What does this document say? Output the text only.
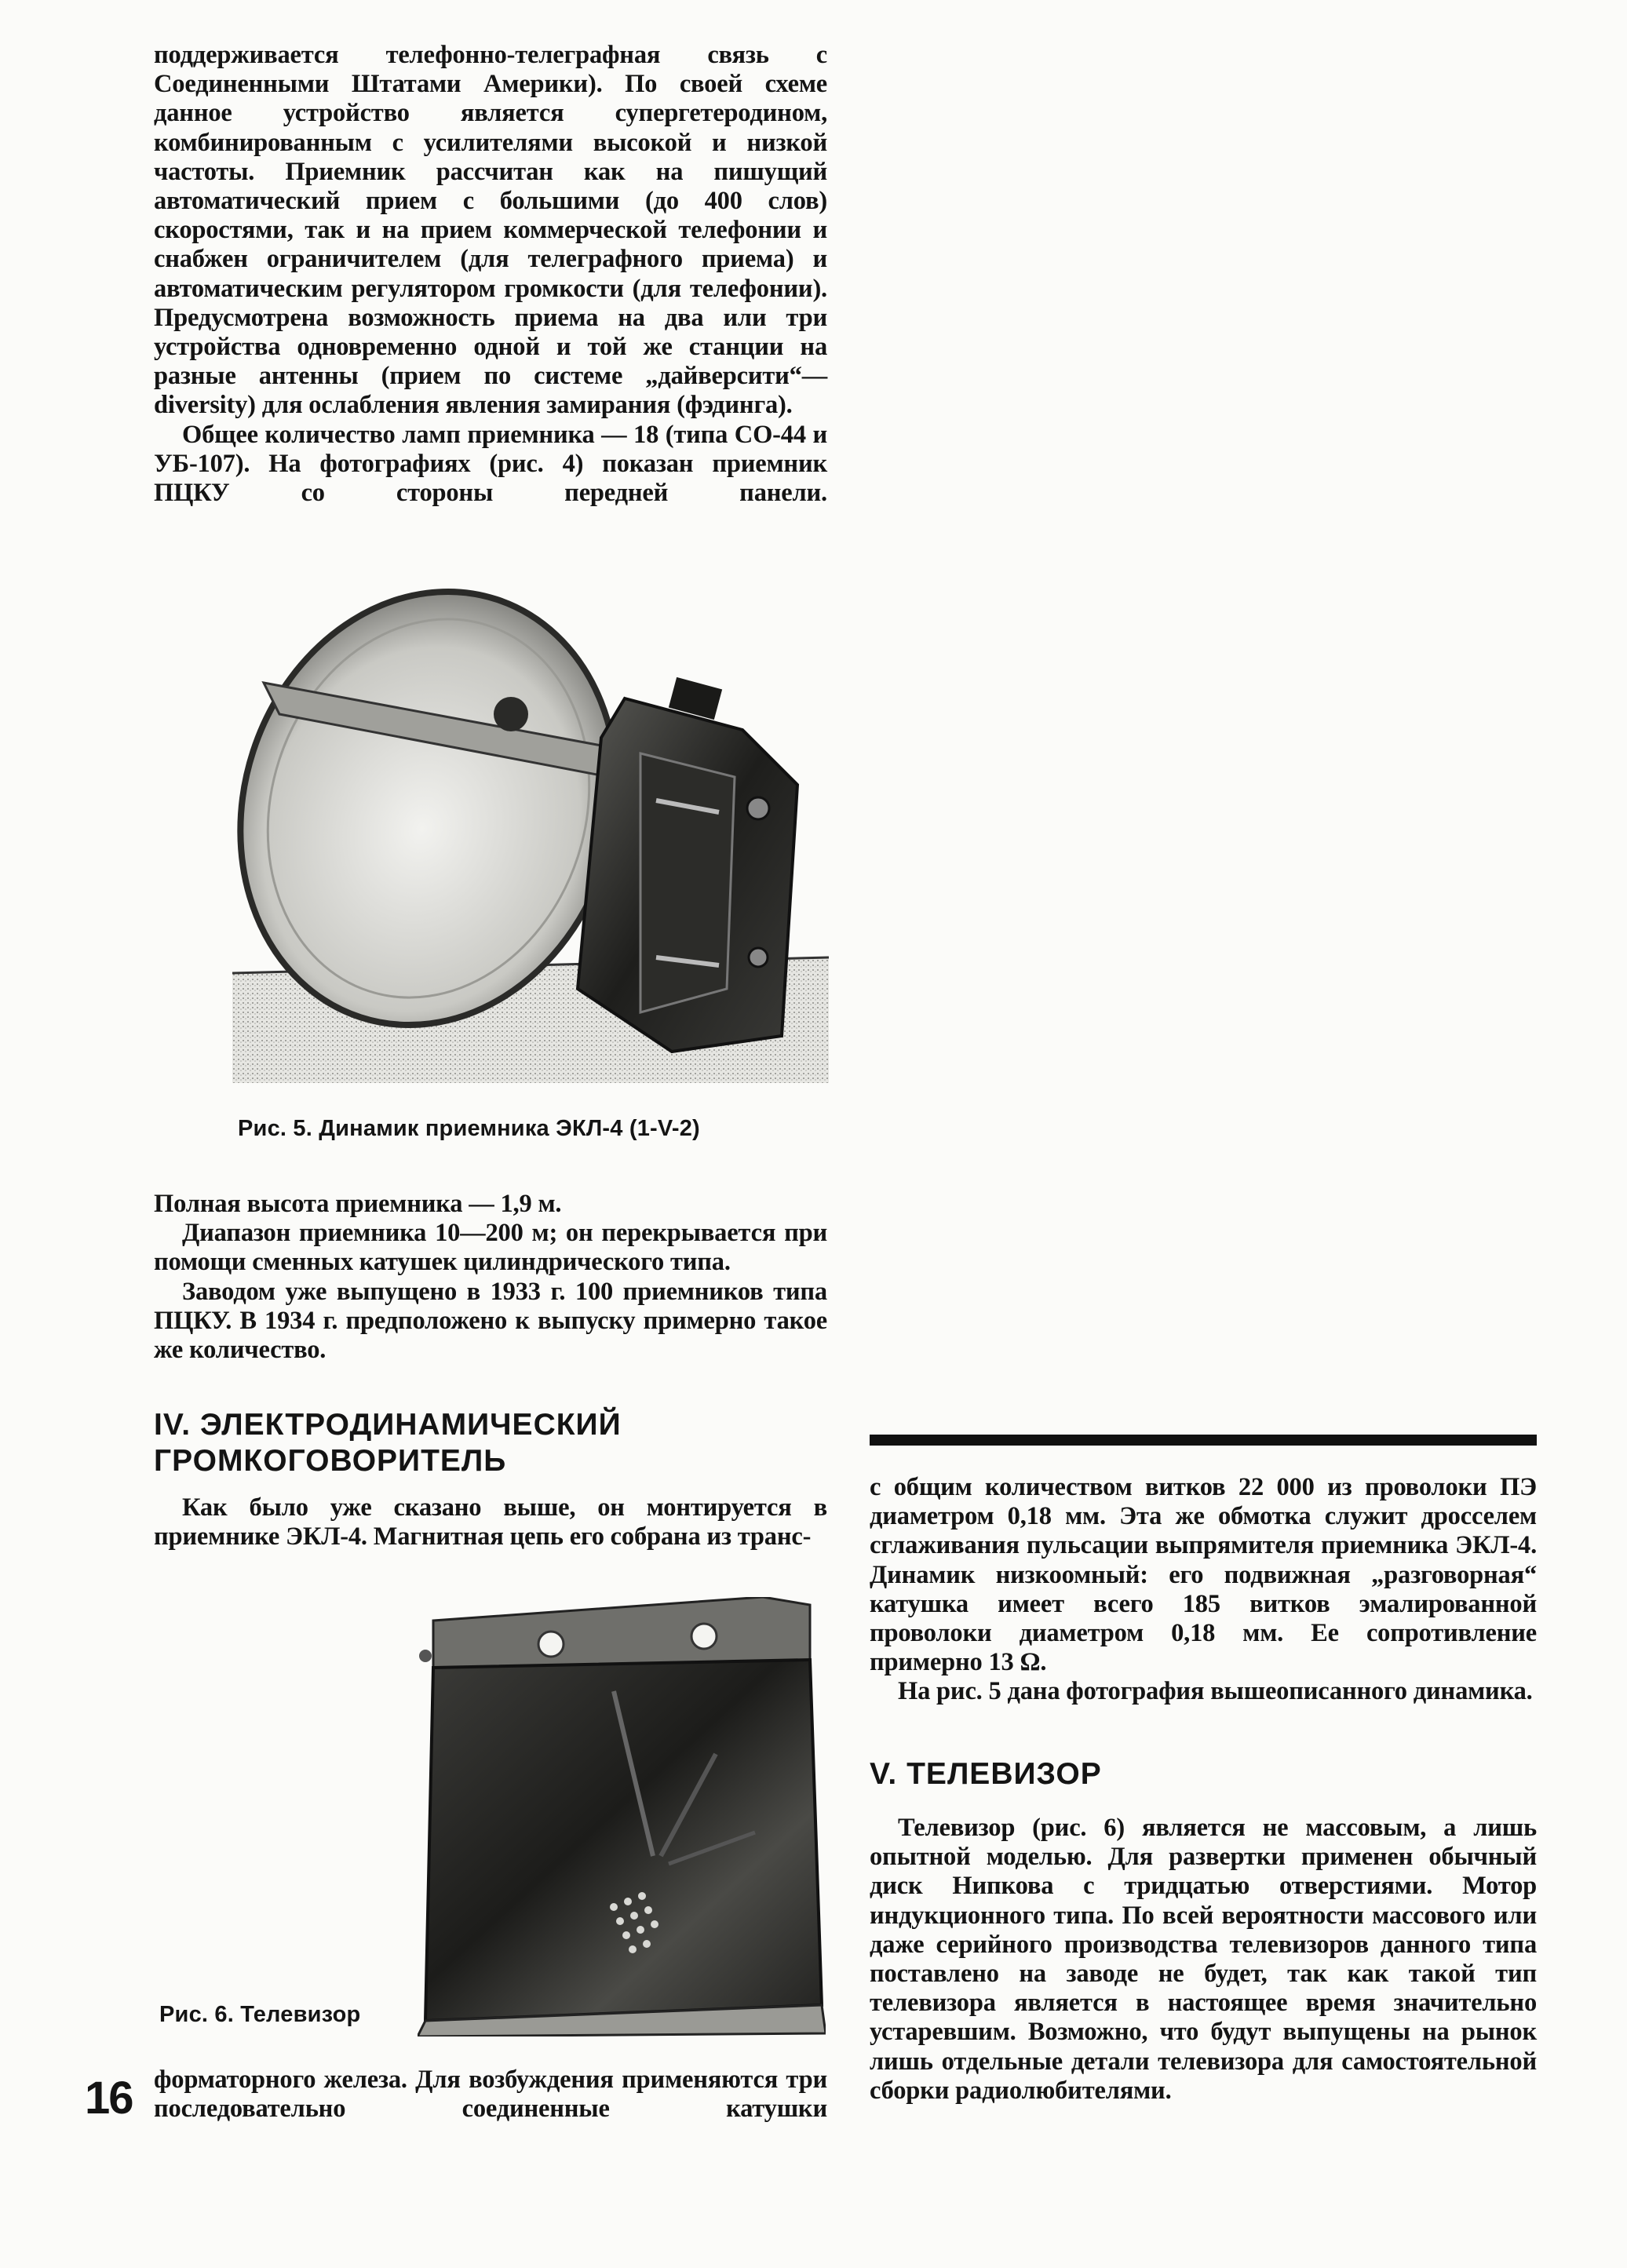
поддерживается телефонно-телеграфная связь с Соединенными Штатами Америки). По своей схеме данное устройство является супергетеродином, комбинированным с усилителями высокой и низкой частоты. Приемник рассчитан как на пишущий автоматический прием с большими (до 400 слов) скоростями, так и на прием коммерческой телефонии и снабжен ограничителем (для телеграфного приема) и автоматическим регулятором громкости (для телефонии). Предусмотрена возможность приема на два или три устройства одновременно одной и той же станции на разные антенны (прием по системе „дайверсити“— diversity) для ослабления явления замирания (фэдинга).

Общее количество ламп приемника — 18 (типа СО-44 и УБ-107). На фотографиях (рис. 4) показан приемник ПЦКУ со стороны передней панели.

Рис. 5. Динамик приемника ЭКЛ-4 (1-V-2)

Полная высота приемника — 1,9 м.

Диапазон приемника 10—200 м; он перекрывается при помощи сменных катушек цилиндрического типа.

Заводом уже выпущено в 1933 г. 100 приемников типа ПЦКУ. В 1934 г. предположено к выпуску примерно такое же количество.

IV. ЭЛЕКТРОДИНАМИЧЕСКИЙ
ГРОМКОГОВОРИТЕЛЬ

Как было уже сказано выше, он монтируется в приемнике ЭКЛ-4. Магнитная цепь его собрана из транс-

Рис. 6. Телевизор

форматорного железа. Для возбуждения применяются три последовательно соединенные катушки

16

с общим количеством витков 22 000 из проволоки ПЭ диаметром 0,18 мм. Эта же обмотка служит дросселем сглаживания пульсации выпрямителя приемника ЭКЛ-4. Динамик низкоомный: его подвижная „разговорная“ катушка имеет всего 185 витков эмалированной проволоки диаметром 0,18 мм. Ее сопротивление примерно 13 Ω.

На рис. 5 дана фотография вышеописанного динамика.

V. ТЕЛЕВИЗОР

Телевизор (рис. 6) является не массовым, а лишь опытной моделью. Для развертки применен обычный диск Нипкова с тридцатью отверстиями. Мотор индукционного типа. По всей вероятности массового или даже серийного производства телевизоров данного типа поставлено на заводе не будет, так как такой тип телевизора является в настоящее время значительно устаревшим. Возможно, что будут выпущены на рынок лишь отдельные детали телевизора для самостоятельной сборки радиолюбителями.
